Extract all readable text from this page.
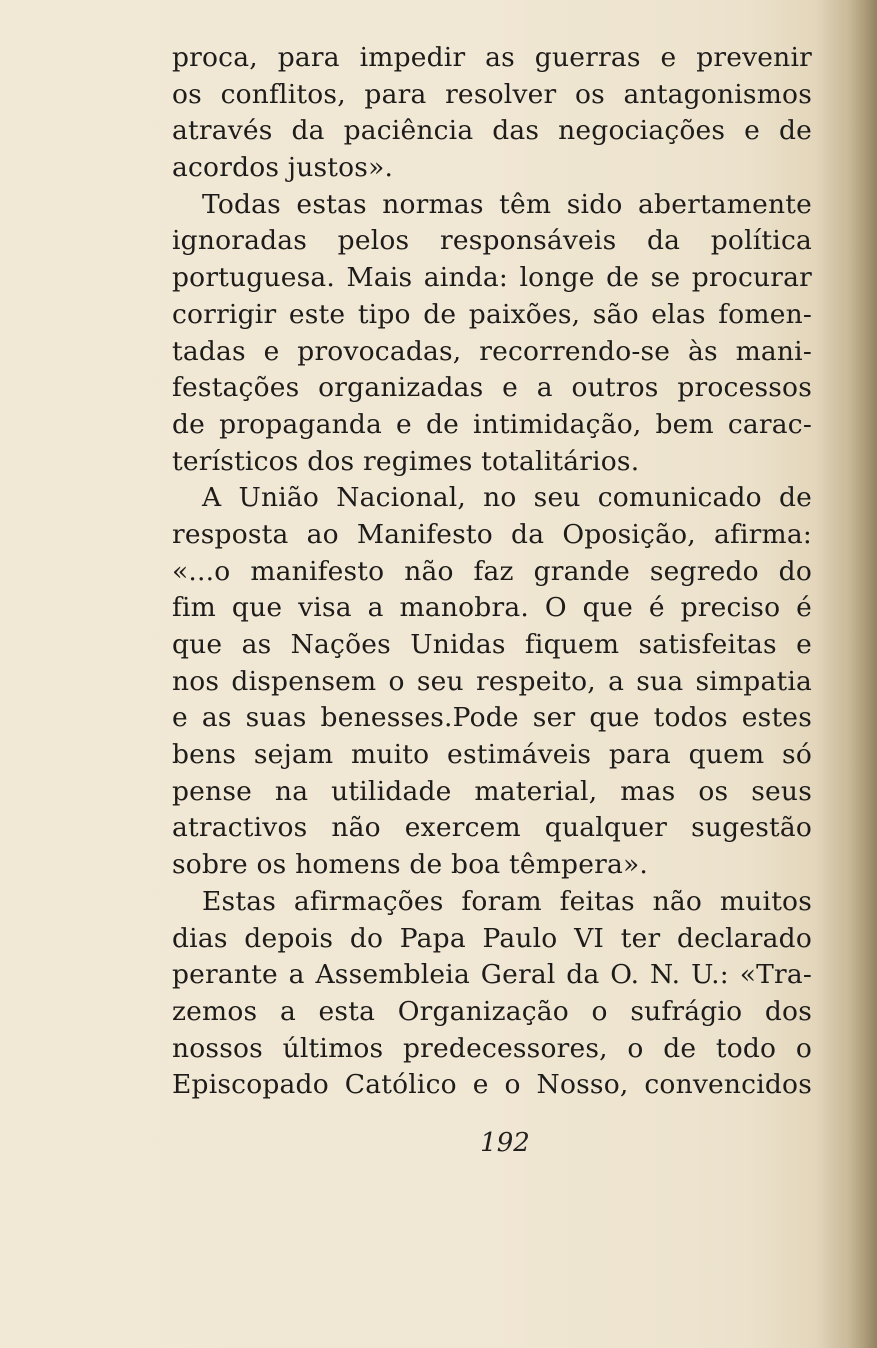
proca, para impedir as guerras e prevenir
os conflitos, para resolver os antagonismos
através da paciência das negociações e de
acordos justos».
Todas estas normas têm sido abertamente
ignoradas pelos responsáveis da política
portuguesa. Mais ainda: longe de se procurar
corrigir este tipo de paixões, são elas fomen-
tadas e provocadas, recorrendo-se às mani-
festações organizadas e a outros processos
de propaganda e de intimidação, bem carac-
terísticos dos regimes totalitários.
A União Nacional, no seu comunicado de
resposta ao Manifesto da Oposição, afirma:
«...o manifesto não faz grande segredo do
fim que visa a manobra. O que é preciso é
que as Nações Unidas fiquem satisfeitas e
nos dispensem o seu respeito, a sua simpatia
e as suas benesses.Pode ser que todos estes
bens sejam muito estimáveis para quem só
pense na utilidade material, mas os seus
atractivos não exercem qualquer sugestão
sobre os homens de boa têmpera».
Estas afirmações foram feitas não muitos
dias depois do Papa Paulo VI ter declarado
perante a Assembleia Geral da O. N. U.: «Tra-
zemos a esta Organização o sufrágio dos
nossos últimos predecessores, o de todo o
Episcopado Católico e o Nosso, convencidos
192
